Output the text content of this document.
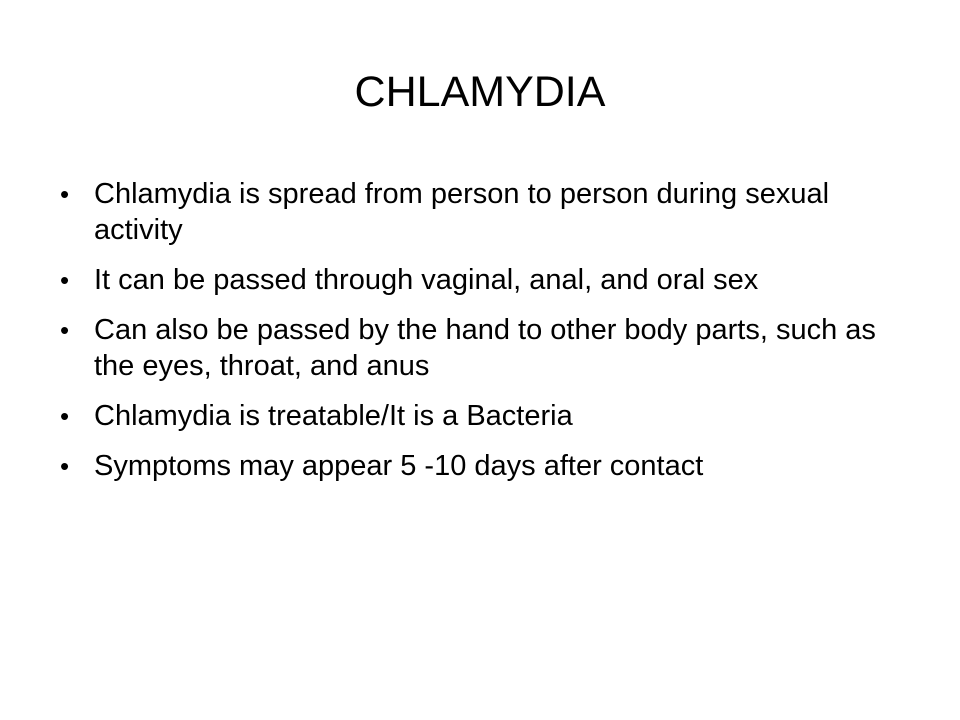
CHLAMYDIA
• Chlamydia is spread from person to person during sexual activity
• It can be passed through vaginal, anal, and oral sex
• Can also be passed by the hand to other body parts, such as the eyes, throat, and anus
• Chlamydia is treatable/It is a Bacteria
• Symptoms may appear 5 -10 days after contact
